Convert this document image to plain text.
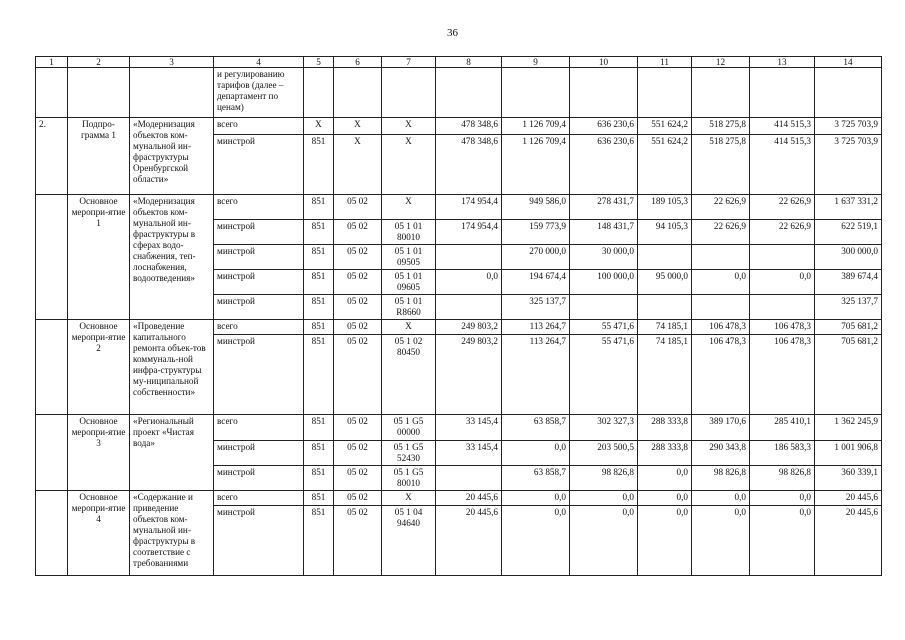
36
1	2	3	4	5	6	7	8	9	10	11	12	13	14
			и регулированию тарифов (далее – департамент по ценам)										
2.	Подпро-грамма 1	«Модернизация объектов ком-мунальной ин-фраструктуры Оренбургской области»	всего	X	X	X	478 348,6	1 126 709,4	636 230,6	551 624,2	518 275,8	414 515,3	3 725 703,9
			минстрой	851	X	X	478 348,6	1 126 709,4	636 230,6	551 624,2	518 275,8	414 515,3	3 725 703,9
	Основное меропри-ятие 1	«Модернизация объектов ком-мунальной ин-фраструктуры в сферах водо-снабжения, теп-лоснабжения, водоотведения»	всего	851	05 02	X	174 954,4	949 586,0	278 431,7	189 105,3	22 626,9	22 626,9	1 637 331,2
			минстрой	851	05 02	05 1 01 80010	174 954,4	159 773,9	148 431,7	94 105,3	22 626,9	22 626,9	622 519,1
			минстрой	851	05 02	05 1 01 09505		270 000,0	30 000,0				300 000,0
			минстрой	851	05 02	05 1 01 09605	0,0	194 674,4	100 000,0	95 000,0	0,0	0,0	389 674,4
			минстрой	851	05 02	05 1 01 R8660		325 137,7					325 137,7
	Основное меропри-ятие 2	«Проведение капитального ремонта объек-тов коммуналь-ной инфра-структуры му-ниципальной собственности»	всего	851	05 02	X	249 803,2	113 264,7	55 471,6	74 185,1	106 478,3	106 478,3	705 681,2
			минстрой	851	05 02	05 1 02 80450	249 803,2	113 264,7	55 471,6	74 185,1	106 478,3	106 478,3	705 681,2
	Основное меропри-ятие 3	«Региональный проект «Чистая вода»	всего	851	05 02	05 1 G5 00000	33 145,4	63 858,7	302 327,3	288 333,8	389 170,6	285 410,1	1 362 245,9
			минстрой	851	05 02	05 1 G5 52430	33 145,4	0,0	203 500,5	288 333,8	290 343,8	186 583,3	1 001 906,8
			минстрой	851	05 02	05 1 G5 80010		63 858,7	98 826,8	0,0	98 826,8	98 826,8	360 339,1
	Основное меропри-ятие 4	«Содержание и приведение объектов ком-мунальной ин-фраструктуры в соответствие с требованиями	всего	851	05 02	X	20 445,6	0,0	0,0	0,0	0,0	0,0	20 445,6
			минстрой	851	05 02	05 1 04 94640	20 445,6	0,0	0,0	0,0	0,0	0,0	20 445,6
